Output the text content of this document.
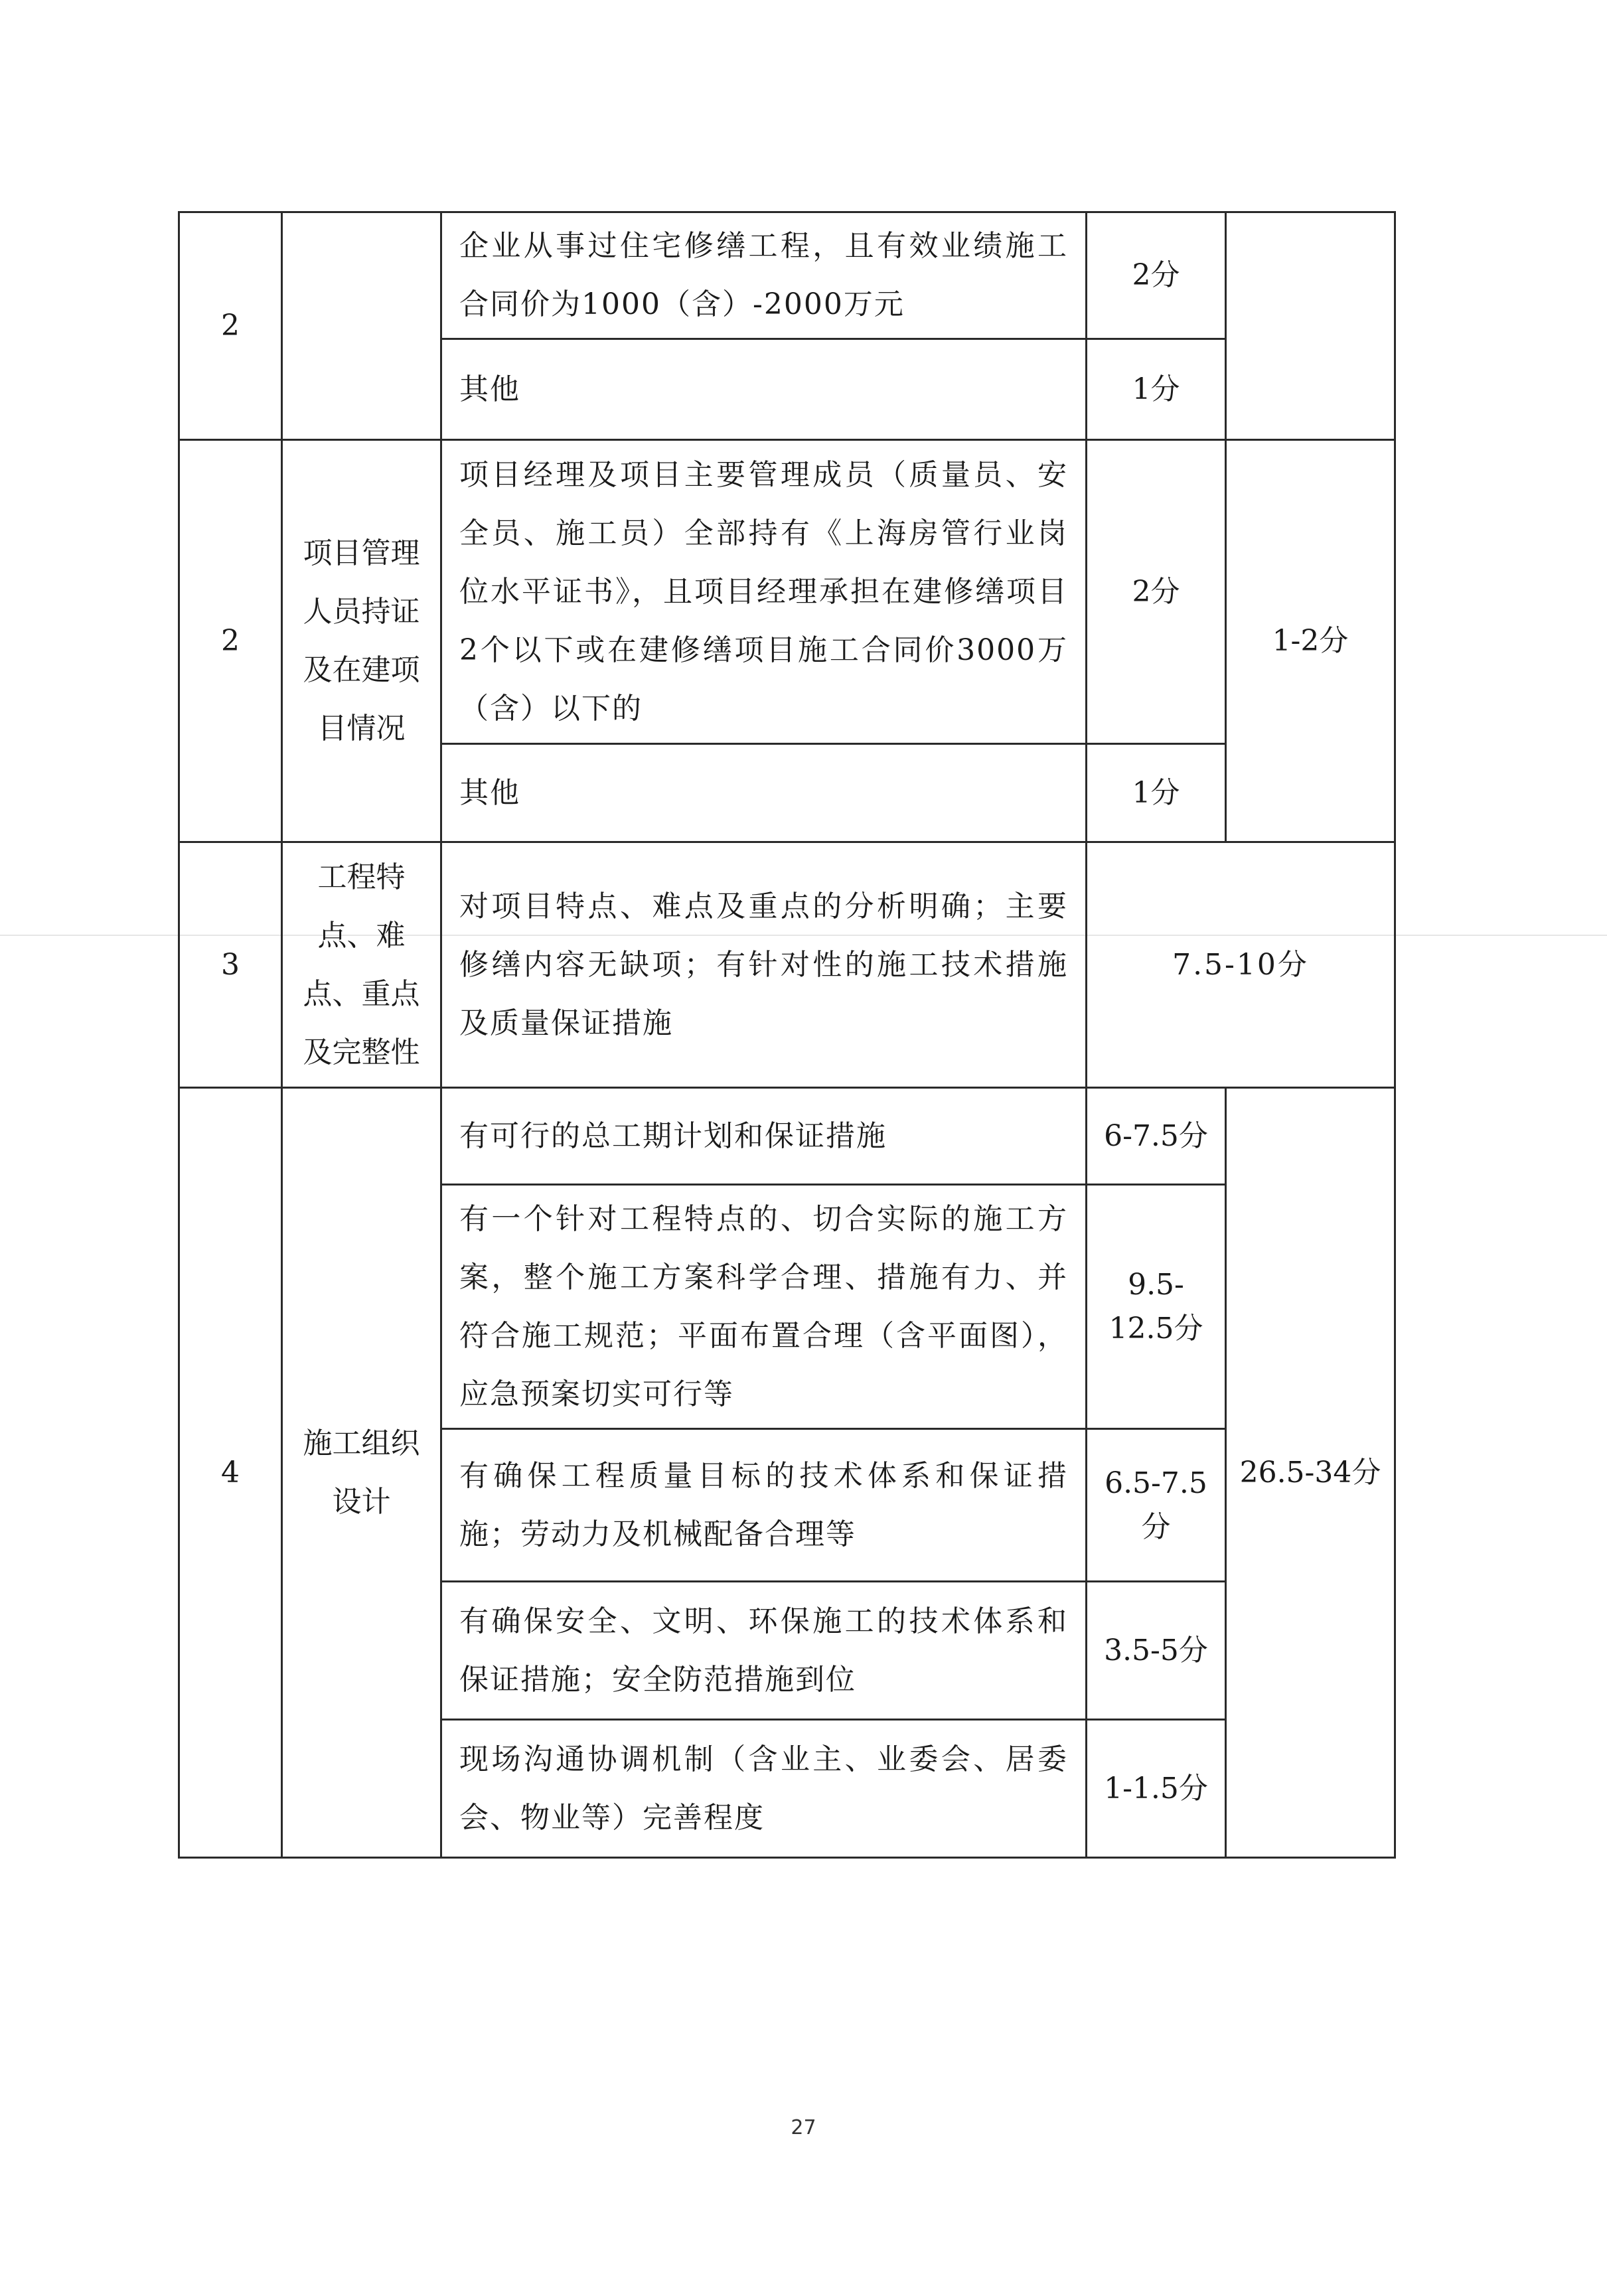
2		企业从事过住宅修缮工程，且有效业绩施工合同价为1000（含）-2000万元	2分	
		其他	1分	
2	项目管理人员持证及在建项目情况	项目经理及项目主要管理成员（质量员、安全员、施工员）全部持有《上海房管行业岗位水平证书》，且项目经理承担在建修缮项目2个以下或在建修缮项目施工合同价3000万（含）以下的	2分	1-2分
		其他	1分	
3	工程特点、难点、重点及完整性	对项目特点、难点及重点的分析明确；主要修缮内容无缺项；有针对性的施工技术措施及质量保证措施	7.5-10分	
4	施工组织设计	有可行的总工期计划和保证措施	6-7.5分	26.5-34分
		有一个针对工程特点的、切合实际的施工方案，整个施工方案科学合理、措施有力、并符合施工规范；平面布置合理（含平面图），应急预案切实可行等	9.5-12.5分	
		有确保工程质量目标的技术体系和保证措施；劳动力及机械配备合理等	6.5-7.5分	
		有确保安全、文明、环保施工的技术体系和保证措施；安全防范措施到位	3.5-5分	
		现场沟通协调机制（含业主、业委会、居委会、物业等）完善程度	1-1.5分	
27
